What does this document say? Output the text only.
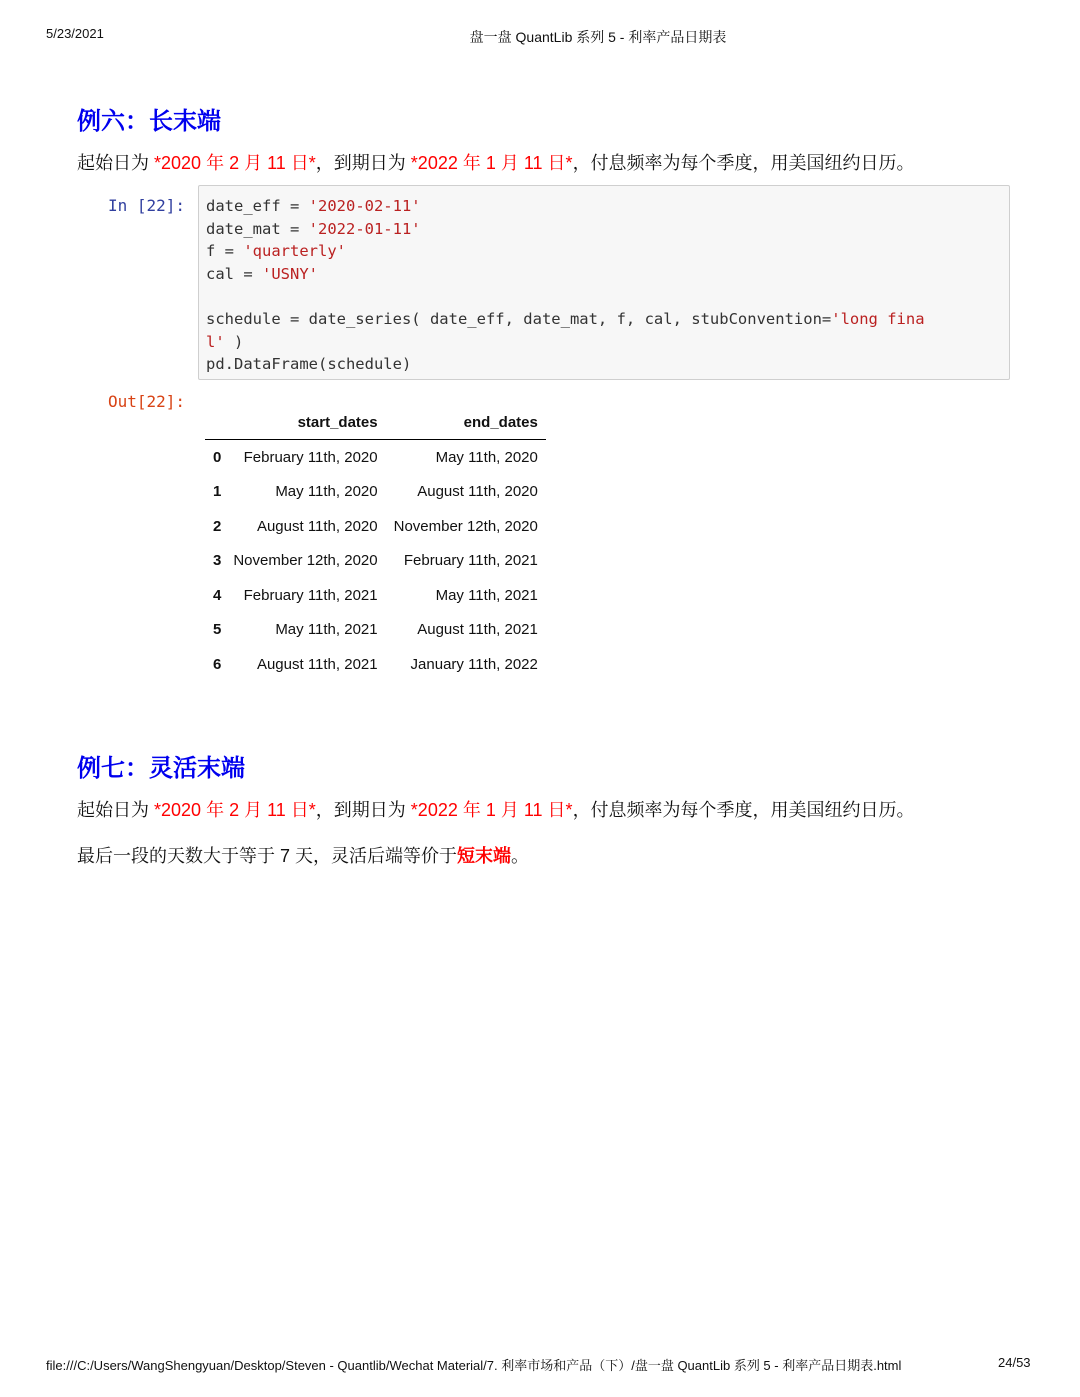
5/23/2021	盘一盘 QuantLib 系列 5 - 利率产品日期表
例六：长末端
起始日为 *2020 年 2 月 11 日*，到期日为 *2022 年 1 月 11 日*，付息频率为每个季度，用美国纽约日历。
In [22]: date_eff = '2020-02-11'
date_mat = '2022-01-11'
f = 'quarterly'
cal = 'USNY'

schedule = date_series( date_eff, date_mat, f, cal, stubConvention='long fina
l' )
pd.DataFrame(schedule)
Out[22]:
	start_dates	end_dates
0	February 11th, 2020	May 11th, 2020
1	May 11th, 2020	August 11th, 2020
2	August 11th, 2020	November 12th, 2020
3	November 12th, 2020	February 11th, 2021
4	February 11th, 2021	May 11th, 2021
5	May 11th, 2021	August 11th, 2021
6	August 11th, 2021	January 11th, 2022
例七：灵活末端
起始日为 *2020 年 2 月 11 日*，到期日为 *2022 年 1 月 11 日*，付息频率为每个季度，用美国纽约日历。
最后一段的天数大于等于 7 天，灵活后端等价于短末端。
file:///C:/Users/WangShengyuan/Desktop/Steven - Quantlib/Wechat Material/7. 利率市场和产品（下）/盘一盘 QuantLib 系列 5 - 利率产品日期表.html	24/53
